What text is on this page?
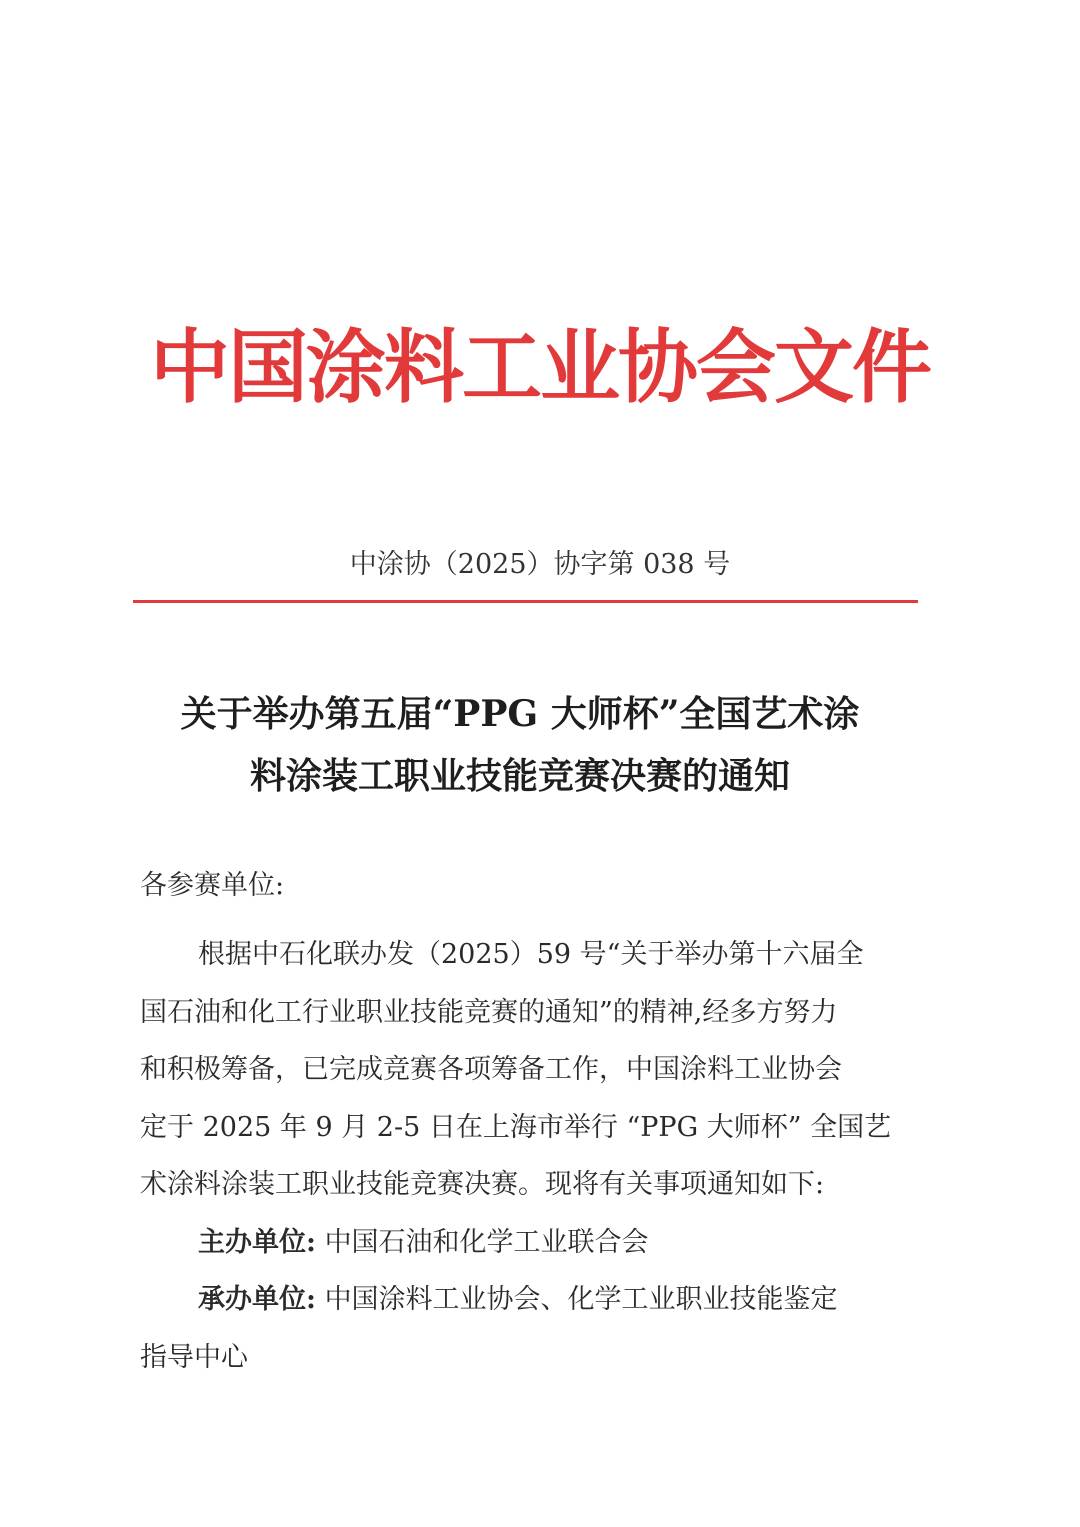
中国涂料工业协会文件
中涂协（2025）协字第 038 号
关于举办第五届“PPG 大师杯”全国艺术涂
料涂装工职业技能竞赛决赛的通知
各参赛单位:
根据中石化联办发（2025）59 号“关于举办第十六届全
国石油和化工行业职业技能竞赛的通知”的精神,经多方努力
和积极筹备，已完成竞赛各项筹备工作，中国涂料工业协会
定于 2025 年 9 月 2-5 日在上海市举行 “PPG 大师杯” 全国艺
术涂料涂装工职业技能竞赛决赛。现将有关事项通知如下:
主办单位: 中国石油和化学工业联合会
承办单位: 中国涂料工业协会、化学工业职业技能鉴定
指导中心
